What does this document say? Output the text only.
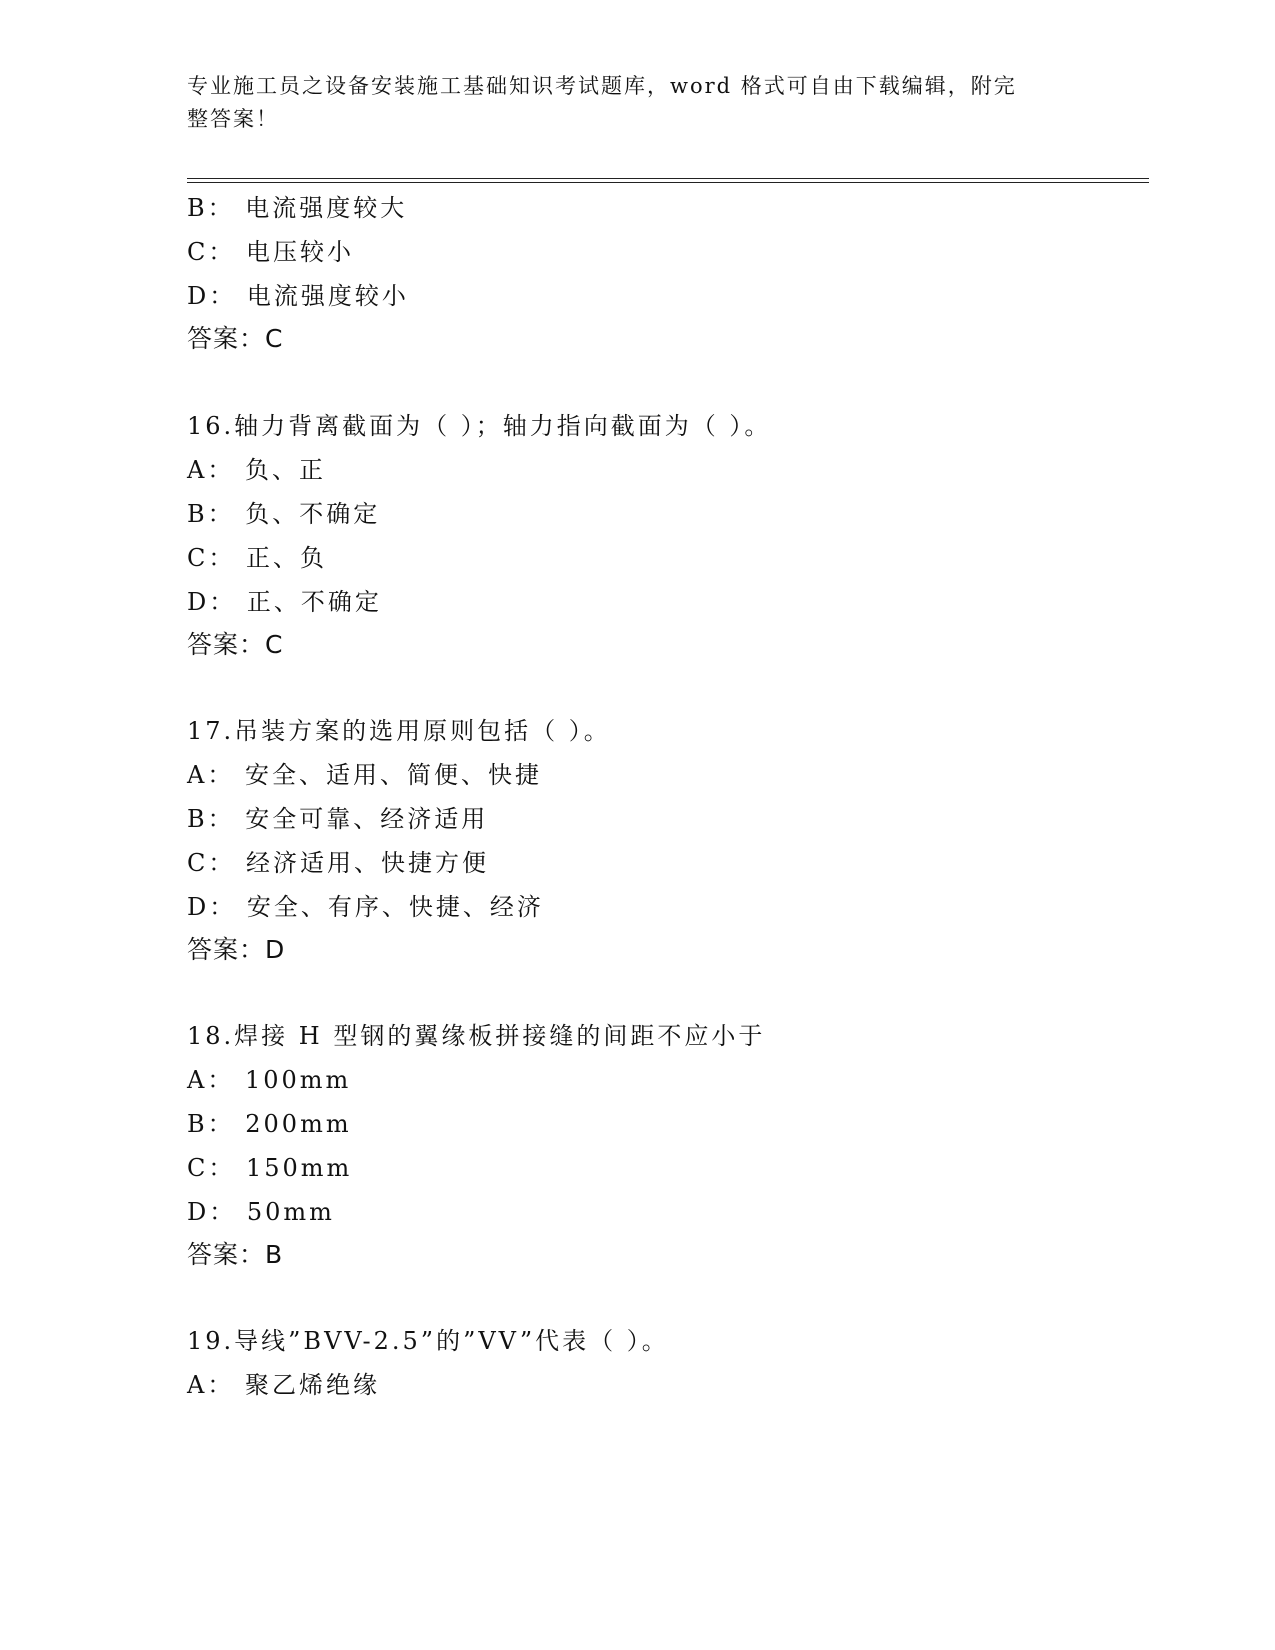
专业施工员之设备安装施工基础知识考试题库，word 格式可自由下载编辑，附完
整答案！
B： 电流强度较大
C： 电压较小
D： 电流强度较小
答案：C
16.轴力背离截面为（ ）；轴力指向截面为（ ）。
A： 负、正
B： 负、不确定
C： 正、负
D： 正、不确定
答案：C
17.吊装方案的选用原则包括（ ）。
A： 安全、适用、简便、快捷
B： 安全可靠、经济适用
C： 经济适用、快捷方便
D： 安全、有序、快捷、经济
答案：D
18.焊接 H 型钢的翼缘板拼接缝的间距不应小于
A： 100mm
B： 200mm
C： 150mm
D： 50mm
答案：B
19.导线”BVV-2.5”的”VV”代表（ ）。
A： 聚乙烯绝缘
